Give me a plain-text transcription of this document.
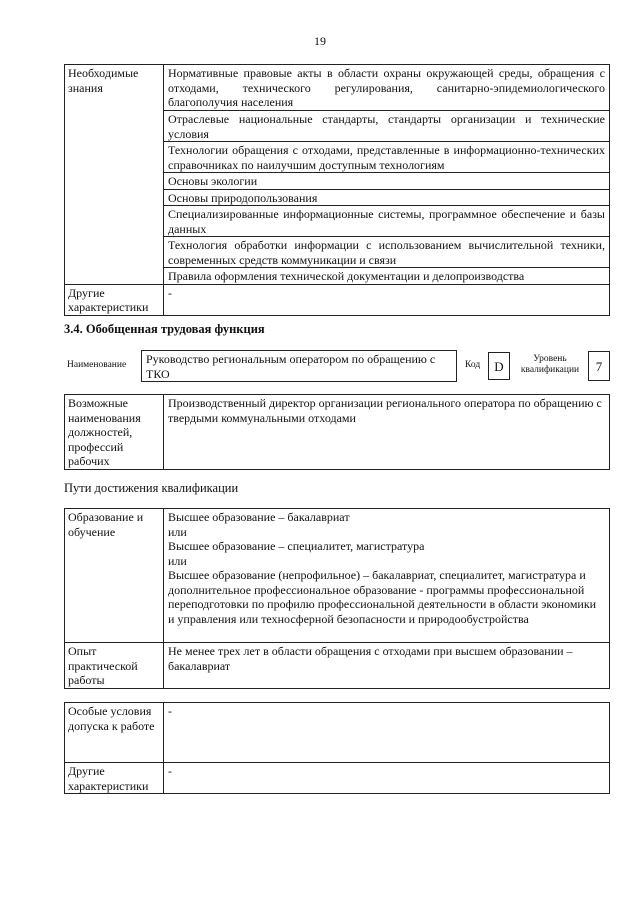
19
Необходимые знания	Нормативные правовые акты в области охраны окружающей среды, обращения с отходами, технического регулирования, санитарно-эпидемиологического благополучия населения
	Отраслевые национальные стандарты, стандарты организации и технические условия
	Технологии обращения с отходами, представленные в информационно-технических справочниках по наилучшим доступным технологиям
	Основы экологии
	Основы природопользования
	Специализированные информационные системы, программное обеспечение и базы данных
	Технология обработки информации с использованием вычислительной техники, современных средств коммуникации и связи
	Правила оформления технической документации и делопроизводства
Другие характеристики	-
3.4. Обобщенная трудовая функция
Наименование	Руководство региональным оператором по обращению с ТКО
Код	D	Уровень квалификации	7
Возможные наименования должностей, профессий рабочих	Производственный директор организации регионального оператора по обращению с твердыми коммунальными отходами
Пути достижения квалификации
Образование и обучение	Высшее образование – бакалавриат
или
Высшее образование – специалитет, магистратура
или
Высшее образование (непрофильное) – бакалавриат, специалитет, магистратура и дополнительное профессиональное образование - программы профессиональной переподготовки по профилю профессиональной деятельности в области экономики и управления или техносферной безопасности и природообустройства

Опыт практической работы	Не менее трех лет в области обращения с отходами при высшем образовании – бакалавриат
Особые условия допуска к работе	-
Другие характеристики	-
